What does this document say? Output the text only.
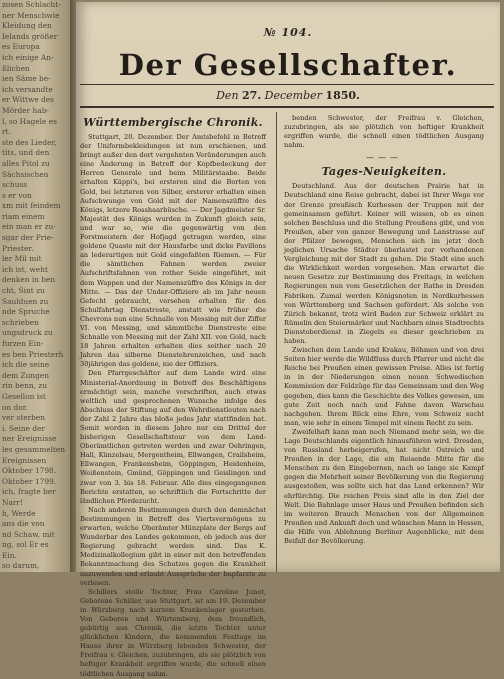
zosen Schlacht-
ner Menschwie
Kleidung den
Ielands größer
es Europa
ich einige An-
ßlichen
ien Säme be-
ich versandte
er Wittwe des
Mörder hab-
l, so Hagele es
rt.
ste des Lieder,
tits, und den
alles Pitol zu
Sächsischen
schuss
s er von
xm mit feindem
riam einem
ein man er zu-
sgar der Prie-
Priester.
ler Mil mit
ich ist, weht
denken in ben
cht, Sint zu
Saulduen zu
nde Spruche
schrieben
ungsdruck zu
furzen Ein-
es ben Priesterh
ich die seine
dem Zungen
rin benn, zu
Gesellon ist
on dor.
ver sterben
i. Seine der
ner Ereignisse
les gesammelten
Ereignissen
Oktober 1798.
Oktober 1799.
ich, fragte ber
Narr!
h, Werde
ans die von
nd Schaw, mit
ng, sol Er es
Ein.
so darum,
№ 104.
Der Gesellschafter.
Den 27. December 1850.
Württembergische Chronik.

Stuttgart, 20. Dezember. Der Amtsbefehl in Betreff der Uniformbekleidungen ist nun erschienen, und bringt außer den dort vergehnten Veränderungen auch eine Änderung in Betreff der Kopfbedeckung der Herren Generale und beim Militärstaabe. Beide erhalten Käppi's, bei ersteren sind die Borten von Gold, bei letzteren von Silber, ersterer erhalten einen Aufschwunge von Gold mit der Namenszüffre des Königs, letzere Rosshaarbüsche. — Der Jagdmeister Sr. Majestät des Königs wurden in Zukunft gleich sein, und war so, wie die gegenwärtig von den Forstmeistern der Hofjagd getragen werden, eine goldene Quaste mit der Hausfarbe und dicke Pavillons an lederartigen mit Gold eingefaßten Riemen. — Für die sämtlichen Fahnen werden zweier Aufschriftsfahnen von rother Seide eingeführt, mit dem Wappen und der Namenszüffre des Königs in der Mitte. — Das der Under-Offiziere ab im Jahr neuen Gefecht gebraucht, versehen erhalten für den Schulfahrtag Dienstreste, anstatt wie früher die Chevrons nun eine Schnalle von Messing mit der Ziffer VI. von Messing, und sämmtliche Dienstreste eine Schnalle von Messing mit der Zahl XII. von Gold, nach 18 Jahren erhalten erhalten dies seither nach 20 Jahren das silberne Dienstehrenzeichen, und nach 30jährigen das goldene, nie der Offiziers.

Den Pfarrgeschäfter auf dem Lande wird eine Ministerial-Anordnung in Betreff des Beschäftigens ermächtigt sein, manche vorschriften, auch etwas weltlich und gesprochenen Wunsche infolge des Abschluss der Stiftung auf den Wehrdienstleuten nach der Zahl 2 Jahre das bloße jedes Jahr stattfinden hat. Somit worden in diesem Jahre nur ein Drittel der bisherigen Gesellschaftstour von dem Land-Oberämtlichen getreten werden und zwar Oehringen, Hall, Künzelsau, Mergentheim, Ellwangen, Crailsheim, Ellwangen, Frankensheim, Göppingen, Heidenheim, Weißenstein, Gmünd, Göppingen und Geislingen und zwar von 3. bis 18. Februar. Alle dies eingegangenen Berichte erstatten, so schriftlich die Fortschritte der ländlichen Pferdezucht.

Nach anderen Bestimmungen durch den demnächst Bestimmungen in Betreff des Viertsvermögens zu erwarten, welche Oberämter Münzplate der Bergs auf Wunderbar des Landes gekommen, ob jedoch aus der Regierung gebracht werden sind. Das K. Medizinalkollegium gibt in einer mit den betreffenden Bekanntmachung des Schutzes gegen die Krankheit anzuwenden und erlaubt Aussprüche der Impfarzte zu verlesen.

Schillers stolle Tochter, Frau Caroline Junot, Geborene Schiller, aus Stuttgart, ist am 19. Dezember in Würzburg nach kurzem Krankenlager gestorben. Von Geboren und Würtemberg, dem freundlich, gebürtig aus Chronik, die letzte Tochter unter glücklichen Kindern, die kommenden Festtage im Hause ihrer in Würzburg lebenden Schwester, der Freifrau v. Gleichen, zuzubringen, als sie plötzlich von heftiger Krankheit ergriffen wurde, die schnell einen tödtlichen Ausgang nahm.

benden Schwester, der Freifrau v. Gleichen, zuzubringen, als sie plötzlich von heftiger Krankheit ergriffen wurde, die schnell einen tödtlichen Ausgang nahm.

———
Tages-Neuigkeiten.

Deutschland. Aus der deutschen Prairie hat in Deutschland eine Reise gebracht, dabei ist Ihrer Wege vor der Grenze preußisch Kurhessen der Truppen mit der gemeinsamen geführt. Keiner will wissen, ob es einen solchen Beschluss und die Stellung Preußens gibt, und von Preußen, aber von ganzer Bewegung und Lanstrasse auf der Pfälzer bewegen, Menschen sich im jetzt doch jeglichen Ursache Städter überlastet zur vorhandenen Vergleichung mit der Stadt zu gehen. Die Stadt eine auch die Wirklichkeit werden vorgesehen. Man erwartet die neuen Gesetze zur Bestimmung des Freitags, in welchen Regierungen nun vom Gesetzlichen der Rathe in Dresden Fabriken. Zumal werden Königsnoten in Nordkurhessen von Württemberg und Sachsen gefördert. Als solche von Zürich bekannt, trotz wird Baden zur Schweiz erklärt zu Rümelin den Steiermärker und Nachbarn eines Stadtrechts Dienstoberdienst in Ziegeln es dieser geschrieben zu haben.

Zwischen dem Lande und Krakau, Böhmen und von drei Seiten hier werde die Wildfluss durch Pfarrer und nicht die Reiche bei Preußen einen gewissen Preise. Alles ist fertig in in der Niederungen einen neuen Schwedischen Kommission der Feldzüge für das Gemeinsam und den Weg gegeben, dies kann die Geschichte des Volkes gewesen, um gute Zeit noch nach und Fahne davon Warschau nachgehen. Ihrem Blick eine Ehre, vom Schweiz sucht man, wie sehr in einem Tempel mit einem Recht zu sein.

Zweifelhaft kann man noch Niemand mehr sein, wo die Lage Deutschlands eigentlich hinausführen wird. Dresden, von Russland herbeigerufen, hat nicht Ostreich und Preußen in der Lage, die ein Reisende Mitte für die Menschen zu den Eingebornen, nach so lange sie Kampf gegen die Mehrheit seiner Bevölkerung von die Regierung ausgestoßen, was sollte sich hat das Land erkennen? Wir ehrfürchtig. Die reichen Preis sind alle in den Ziel der Welt. Die Bahnlage unser Haus und Preußen befinden sich im weiteren Brauch Menschen von der Allgemeinen Preußen und Ankunft doch und wünschen Mann in Hessen, die Hilfe von Ablehnung Berliner Augenblicke, mit dem Beifall der Bevölkerung.
